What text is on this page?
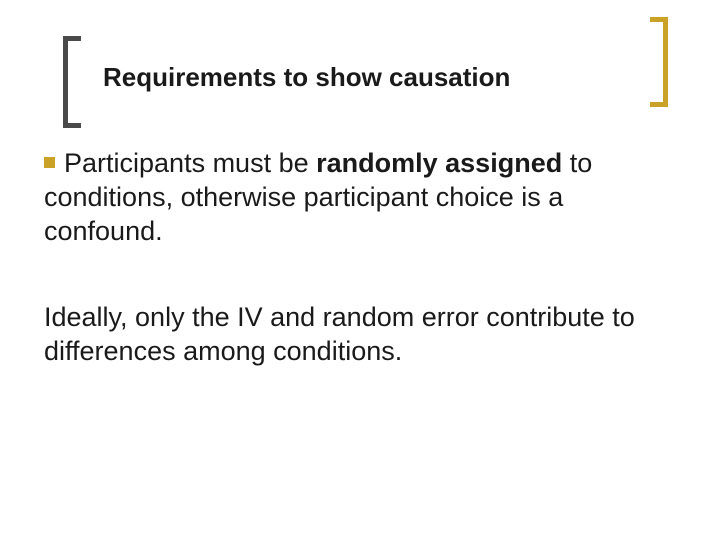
Requirements to show causation

Participants must be randomly assigned to conditions, otherwise participant choice is a confound.

Ideally, only the IV and random error contribute to differences among conditions.
